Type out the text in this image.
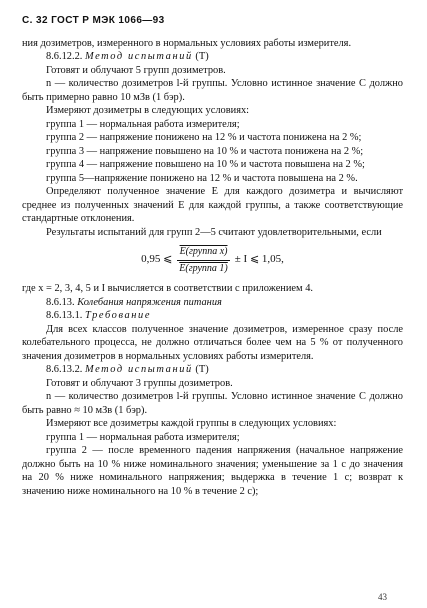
С. 32 ГОСТ Р МЭК 1066—93

ния дозиметров, измеренного в нормальных условиях работы измерителя.

8.6.12.2. Метод испытаний (Т)

Готовят и облучают 5 групп дозиметров.

n — количество дозиметров l-й группы. Условно истинное значение С должно быть примерно равно 10 мЗв (1 бэр).

Измеряют дозиметры в следующих условиях:

группа 1 — нормальная работа измерителя;

группа 2 — напряжение понижено на 12 % и частота понижена на 2 %;

группа 3 — напряжение повышено на 10 % и частота понижена на 2 %;

группа 4 — напряжение повышено на 10 % и частота повышена на 2 %;

группа 5—напряжение понижено на 12 % и частота повышена на 2 %.

Определяют полученное значение E для каждого дозиметра и вычисляют среднее из полученных значений E для каждой группы, а также соответствующие стандартные отклонения.

Результаты испытаний для групп 2—5 считают удовлетворительными, если

0,95 ⩽ $\frac{\text{E(группа x)}}{\text{E(группа 1)}} \pm I$ ⩽ 1,05,

где x = 2, 3, 4, 5 и I вычисляется в соответствии с приложением 4.

8.6.13. Колебания напряжения питания

8.6.13.1. Требование

Для всех классов полученное значение дозиметров, измеренное сразу после колебательного процесса, не должно отличаться более чем на 5 % от полученного значения дозиметров в нормальных условиях работы измерителя.

8.6.13.2. Метод испытаний (Т)

Готовят и облучают 3 группы дозиметров.

n — количество дозиметров l-й группы. Условно истинное значение С должно быть равно ≈ 10 мЗв (1 бэр).

Измеряют все дозиметры каждой группы в следующих условиях:

группа 1 — нормальная работа измерителя;

группа 2 — после временного падения напряжения (начальное напряжение должно быть на 10 % ниже номинального значения; уменьшение за 1 с до значения на 20 % ниже номинального напряжения; выдержка в течение 1 с; возврат к значению ниже номинального на 10 % в течение 2 с);

43
